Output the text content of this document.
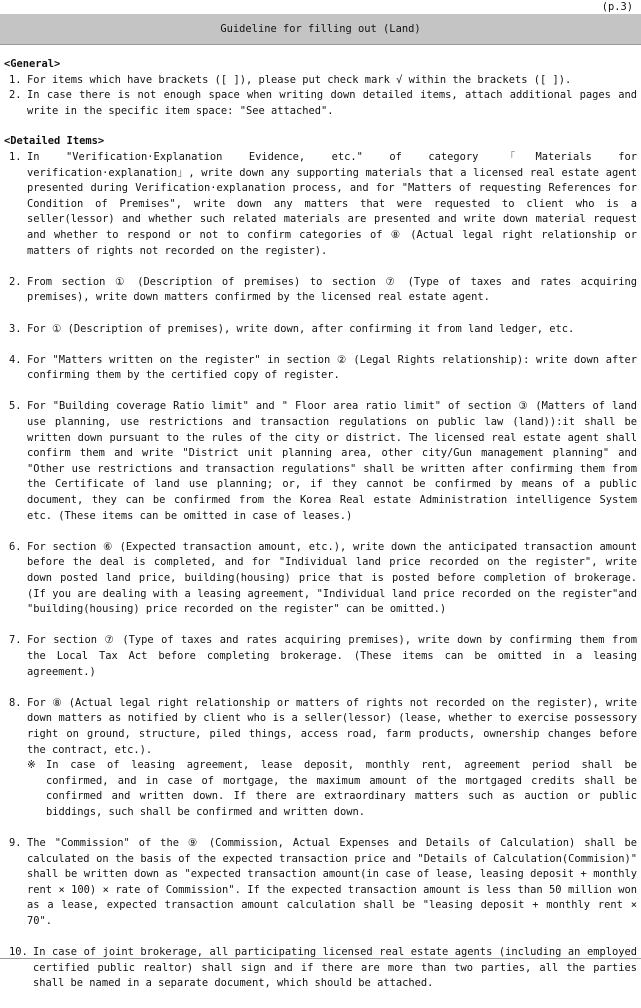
(p.3)
Guideline for filling out (Land)

<General>

1. For items which have brackets ([ ]), please put check mark √ within the brackets ([ ]).
2. In case there is not enough space when writing down detailed items, attach additional pages and write in the specific item space: "See attached".

<Detailed Items>

1. In "Verification·Explanation Evidence, etc." of category 「Materials for verification·explanation」, write down any supporting materials that a licensed real estate agent presented during Verification·explanation process, and for "Matters of requesting References for Condition of Premises", write down any matters that were requested to client who is a seller(lessor) and whether such related materials are presented and write down material request and whether to respond or not to confirm categories of ⑧ (Actual legal right relationship or matters of rights not recorded on the register).
2. From section ① (Description of premises) to section ⑦ (Type of taxes and rates acquiring premises), write down matters confirmed by the licensed real estate agent.
3. For ① (Description of premises), write down, after confirming it from land ledger, etc.
4. For "Matters written on the register" in section ② (Legal Rights relationship): write down after confirming them by the certified copy of register.
5. For "Building coverage Ratio limit" and " Floor area ratio limit" of section ③ (Matters of land use planning, use restrictions and transaction regulations on public law (land)):it shall be written down pursuant to the rules of the city or district. The licensed real estate agent shall confirm them and write "District unit planning area, other city/Gun management planning" and "Other use restrictions and transaction regulations" shall be written after confirming them from the Certificate of land use planning; or, if they cannot be confirmed by means of a public document, they can be confirmed from the Korea Real estate Administration intelligence System etc. (These items can be omitted in case of leases.)
6. For section ⑥ (Expected transaction amount, etc.), write down the anticipated transaction amount before the deal is completed, and for "Individual land price recorded on the register", write down posted land price, building(housing) price that is posted before completion of brokerage. (If you are dealing with a leasing agreement, "Individual land price recorded on the register"and "building(housing) price recorded on the register" can be omitted.)
7. For section ⑦ (Type of taxes and rates acquiring premises), write down by confirming them from the Local Tax Act before completing brokerage. (These items can be omitted in a leasing agreement.)
8. For ⑧ (Actual legal right relationship or matters of rights not recorded on the register), write down matters as notified by client who is a seller(lessor) (lease, whether to exercise possessory right on ground, structure, piled things, access road, farm products, ownership changes before the contract, etc.).
※ In case of leasing agreement, lease deposit, monthly rent, agreement period shall be confirmed, and in case of mortgage, the maximum amount of the mortgaged credits shall be confirmed and written down. If there are extraordinary matters such as auction or public biddings, such shall be confirmed and written down.
9. The "Commission" of the ⑨ (Commission, Actual Expenses and Details of Calculation) shall be calculated on the basis of the expected transaction price and "Details of Calculation(Commision)" shall be written down as "expected transaction amount(in case of lease, leasing deposit + monthly rent × 100) × rate of Commission". If the expected transaction amount is less than 50 million won as a lease, expected transaction amount calculation shall be "leasing deposit + monthly rent × 70".
10. In case of joint brokerage, all participating licensed real estate agents (including an employed certified public realtor) shall sign and if there are more than two parties, all the parties shall be named in a separate document, which should be attached.
